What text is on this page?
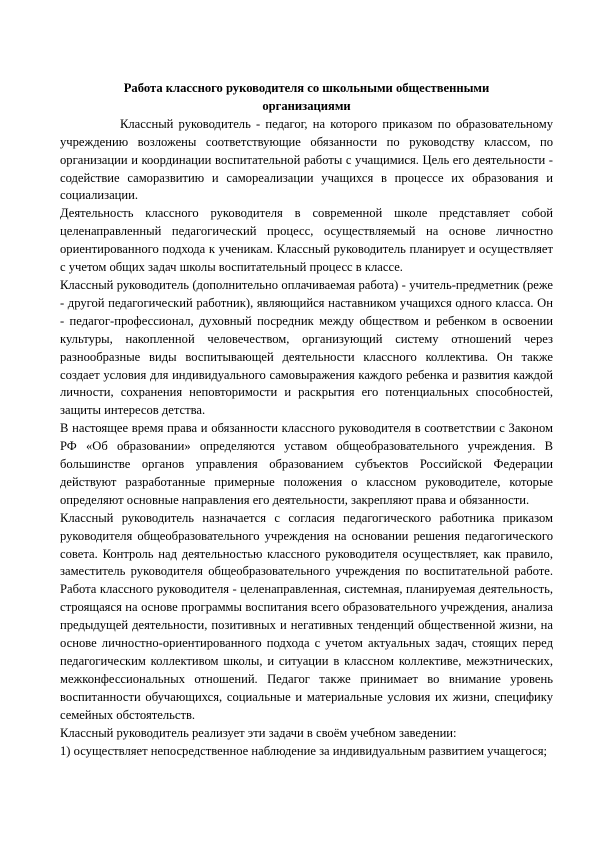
Работа классного руководителя со школьными общественными организациями

Классный руководитель - педагог, на которого приказом по образовательному учреждению возложены соответствующие обязанности по руководству классом, по организации и координации воспитательной работы с учащимися. Цель его деятельности - содействие саморазвитию и самореализации учащихся в процессе их образования и социализации.

Деятельность классного руководителя в современной школе представляет собой целенаправленный педагогический процесс, осуществляемый на основе личностно ориентированного подхода к ученикам. Классный руководитель планирует и осуществляет с учетом общих задач школы воспитательный процесс в классе.

Классный руководитель (дополнительно оплачиваемая работа) - учитель-предметник (реже - другой педагогический работник), являющийся наставником учащихся одного класса. Он - педагог-профессионал, духовный посредник между обществом и ребенком в освоении культуры, накопленной человечеством, организующий систему отношений через разнообразные виды воспитывающей деятельности классного коллектива. Он также создает условия для индивидуального самовыражения каждого ребенка и развития каждой личности, сохранения неповторимости и раскрытия его потенциальных способностей, защиты интересов детства.

В настоящее время права и обязанности классного руководителя в соответствии с Законом РФ «Об образовании» определяются уставом общеобразовательного учреждения. В большинстве органов управления образованием субъектов Российской Федерации действуют разработанные примерные положения о классном руководителе, которые определяют основные направления его деятельности, закрепляют права и обязанности.

Классный руководитель назначается с согласия педагогического работника приказом руководителя общеобразовательного учреждения на основании решения педагогического совета. Контроль над деятельностью классного руководителя осуществляет, как правило, заместитель руководителя общеобразовательного учреждения по воспитательной работе. Работа классного руководителя - целенаправленная, системная, планируемая деятельность, строящаяся на основе программы воспитания всего образовательного учреждения, анализа предыдущей деятельности, позитивных и негативных тенденций общественной жизни, на основе личностно-ориентированного подхода с учетом актуальных задач, стоящих перед педагогическим коллективом школы, и ситуации в классном коллективе, межэтнических, межконфессиональных отношений. Педагог также принимает во внимание уровень воспитанности обучающихся, социальные и материальные условия их жизни, специфику семейных обстоятельств.

Классный руководитель реализует эти задачи в своём учебном заведении:

1) осуществляет непосредственное наблюдение за индивидуальным развитием учащегося;
